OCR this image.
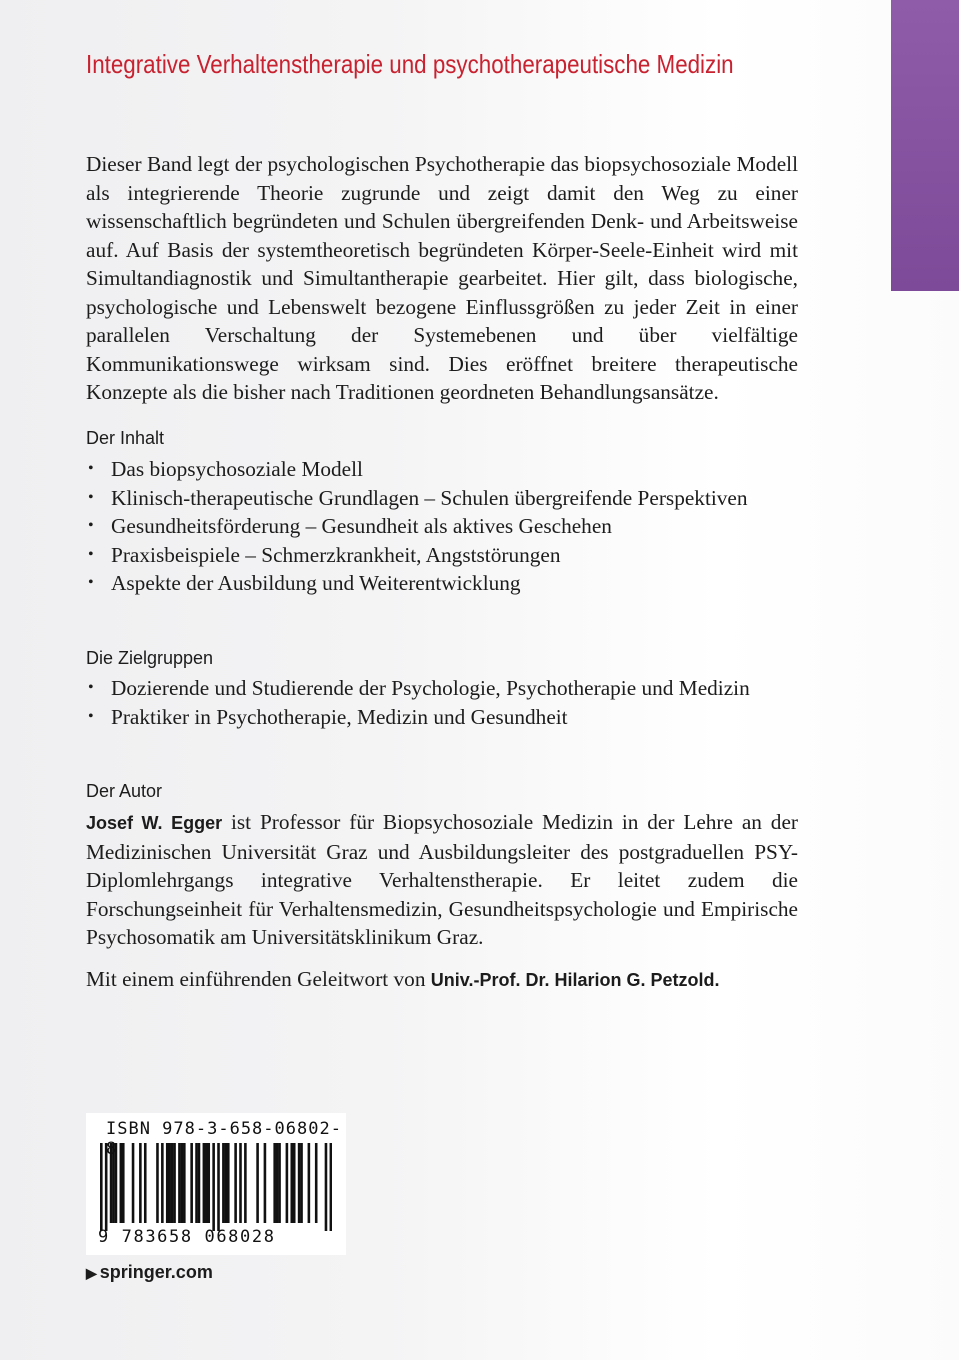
Integrative Verhaltenstherapie und psychotherapeutische Medizin

Dieser Band legt der psychologischen Psychotherapie das biopsychosoziale Modell als integrierende Theorie zugrunde und zeigt damit den Weg zu einer wissenschaftlich begründeten und Schulen übergreifenden Denk- und Arbeitsweise auf. Auf Basis der systemtheoretisch begründeten Körper-Seele-Einheit wird mit Simultandiagnostik und Simultantherapie gearbeitet. Hier gilt, dass biologische, psychologische und Lebenswelt bezogene Einflussgrößen zu jeder Zeit in einer parallelen Verschaltung der Systemebenen und über vielfältige Kommunikationswege wirksam sind. Dies eröffnet breitere therapeutische Konzepte als die bisher nach Traditionen geordneten Behandlungsansätze.

Der Inhalt
• Das biopsychosoziale Modell
• Klinisch-therapeutische Grundlagen – Schulen übergreifende Perspektiven
• Gesundheitsförderung – Gesundheit als aktives Geschehen
• Praxisbeispiele – Schmerzkrankheit, Angststörungen
• Aspekte der Ausbildung und Weiterentwicklung
Die Zielgruppen
• Dozierende und Studierende der Psychologie, Psychotherapie und Medizin
• Praktiker in Psychotherapie, Medizin und Gesundheit
Der Autor

Josef W. Egger ist Professor für Biopsychosoziale Medizin in der Lehre an der Medizinischen Universität Graz und Ausbildungsleiter des postgraduellen PSY-Diplomlehrgangs integrative Verhaltenstherapie. Er leitet zudem die Forschungseinheit für Verhaltensmedizin, Gesundheitspsychologie und Empirische Psychosomatik am Universitätsklinikum Graz.

Mit einem einführenden Geleitwort von Univ.-Prof. Dr. Hilarion G. Petzold.

ISBN 978-3-658-06802-
9 783658 068028
▶ springer.com
